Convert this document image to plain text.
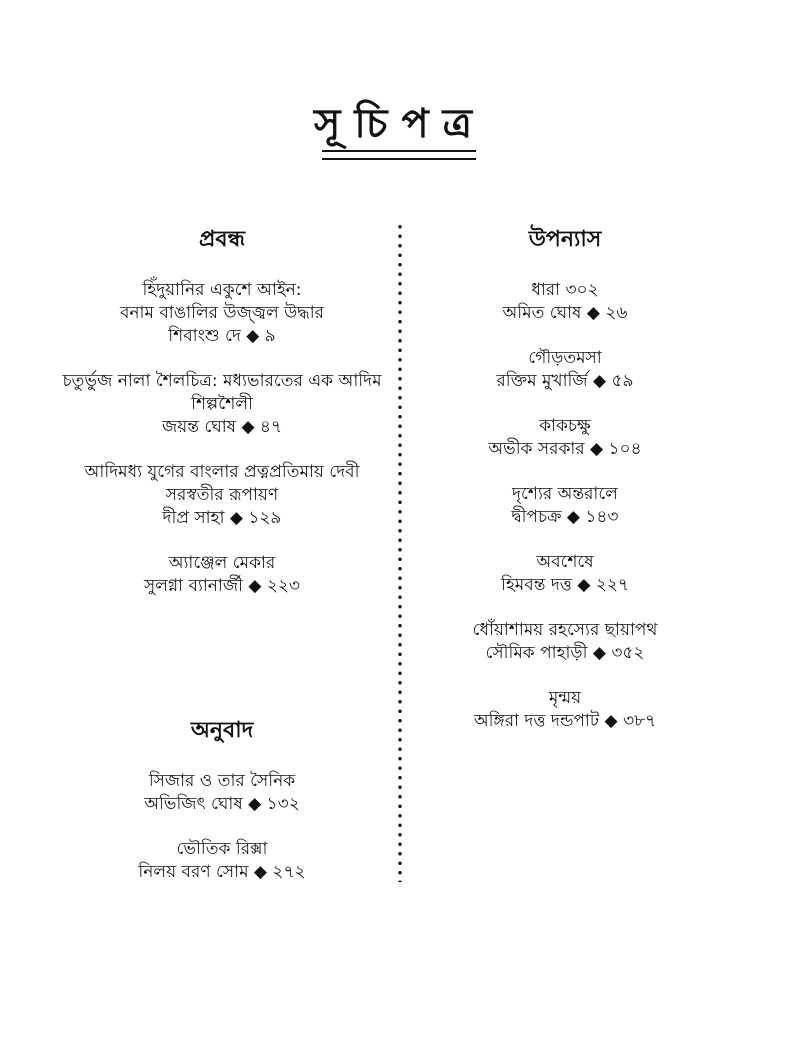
সূচিপত্র
প্রবন্ধ
হিঁদুয়ানির একুশে আইন:
বনাম বাঙালির উজ্জ্বল উদ্ধার
শিবাংশু দে ◆ ৯
চতুর্ভুজ নালা শৈলচিত্র: মধ্যভারতের এক আদিম
শিল্পশৈলী
জয়ন্ত ঘোষ ◆ ৪৭
আদিমধ্য যুগের বাংলার প্রত্নপ্রতিমায় দেবী
সরস্বতীর রূপায়ণ
দীপ্র সাহা ◆ ১২৯
অ্যাঞ্জেল মেকার
সুলগ্না ব্যানার্জী ◆ ২২৩
অনুবাদ
সিজার ও তার সৈনিক
অভিজিৎ ঘোষ ◆ ১৩২
ভৌতিক রিক্সা
নিলয় বরণ সোম ◆ ২৭২
উপন্যাস
ধারা ৩০২
অমিত ঘোষ ◆ ২৬
গৌড়তমসা
রক্তিম মুখার্জি ◆ ৫৯
কাকচক্ষু
অভীক সরকার ◆ ১০৪
দৃশ্যের অন্তরালে
দ্বীপচক্র ◆ ১৪৩
অবশেষে
হিমবন্ত দত্ত ◆ ২২৭
ধোঁয়াশাময় রহস্যের ছায়াপথ
সৌমিক পাহাড়ী ◆ ৩৫২
মৃন্ময়
অঙ্গিরা দত্ত দন্ডপাট ◆ ৩৮৭
